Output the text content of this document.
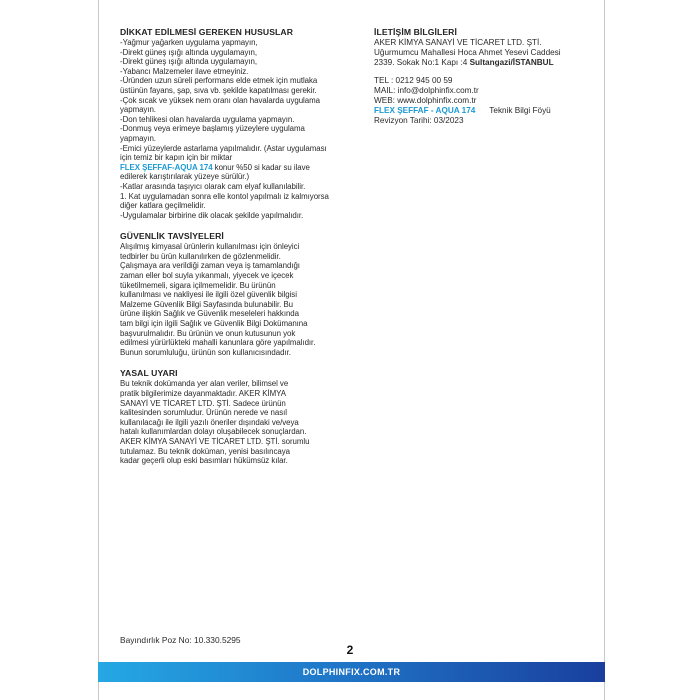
DİKKAT EDİLMESİ GEREKEN HUSUSLAR
-Yağmur yağarken uygulama yapmayın,
-Direkt güneş ışığı altında uygulamayın,
-Direkt güneş ışığı altında uygulamayın,
-Yabancı Malzemeler ilave etmeyiniz.
-Üründen uzun süreli performans elde etmek için mutlaka
üstünün fayans, şap, sıva vb. şekilde kapatılması gerekir.
-Çok sıcak ve yüksek nem oranı olan havalarda uygulama
yapmayın.
-Don tehlikesi olan havalarda uygulama yapmayın.
-Donmuş veya erimeye başlamış yüzeylere uygulama
yapmayın.
-Emici yüzeylerde astarlama yapılmalıdır. (Astar uygulaması
için temiz bir kapın için bir miktar
FLEX ŞEFFAF-AQUA 174 konur %50 si kadar su ilave
edilerek karıştırılarak yüzeye sürülür.)
-Katlar arasında taşıyıcı olarak cam elyaf kullanılabilir.
1. Kat uygulamadan sonra elle kontol yapılmalı iz kalmıyorsa
diğer katlara geçilmelidir.
-Uygulamalar birbirine dik olacak şekilde yapılmalıdır.
GÜVENLİK TAVSİYELERİ
Alışılmış kimyasal ürünlerin kullanılması için önleyici
tedbirler bu ürün kullanılırken de gözlenmelidir.
Çalışmaya ara verildiği zaman veya iş tamamlandığı
zaman eller bol suyla yıkanmalı, yiyecek ve içecek
tüketilmemeli, sigara içilmemelidir. Bu ürünün
kullanılması ve nakliyesi ile ilgili özel güvenlik bilgisi
Malzeme Güvenlik Bilgi Sayfasında bulunabilir. Bu
ürüne ilişkin Sağlık ve Güvenlik meseleleri hakkında
tam bilgi için ilgili Sağlık ve Güvenlik Bilgi Dokümanına
başvurulmalıdır. Bu ürünün ve onun kutusunun yok
edilmesi yürürlükteki mahalli kanunlara göre yapılmalıdır.
Bunun sorumluluğu, ürünün son kullanıcısındadır.
YASAL UYARI
Bu teknik dokümanda yer alan veriler, bilimsel ve
pratik bilgilerimize dayanmaktadır. AKER KİMYA
SANAYİ VE TİCARET LTD. ŞTİ. Sadece ürünün
kalitesinden sorumludur. Ürünün nerede ve nasıl
kullanılacağı ile ilgili yazılı öneriler dışındaki ve/veya
hatalı kullanımlardan dolayı oluşabilecek sonuçlardan.
AKER KİMYA SANAYİ VE TİCARET LTD. ŞTİ. sorumlu
tutulamaz. Bu teknik doküman, yenisi basılıncaya
kadar geçerli olup eski basımları hükümsüz kılar.
İLETİŞİM BİLGİLERİ
AKER KİMYA SANAYİ VE TİCARET LTD. ŞTİ.
Uğurmumcu Mahallesi Hoca Ahmet Yesevi Caddesi
2339. Sokak No:1 Kapı :4 Sultangazi/İSTANBUL
TEL : 0212 945 00 59
MAIL: info@dolphinfix.com.tr
WEB: www.dolphinfix.com.tr
FLEX ŞEFFAF - AQUA 174 Teknik Bilgi Föyü
Revizyon Tarihi: 03/2023
Bayındırlık Poz No: 10.330.5295
2
DOLPHINFIX.COM.TR
